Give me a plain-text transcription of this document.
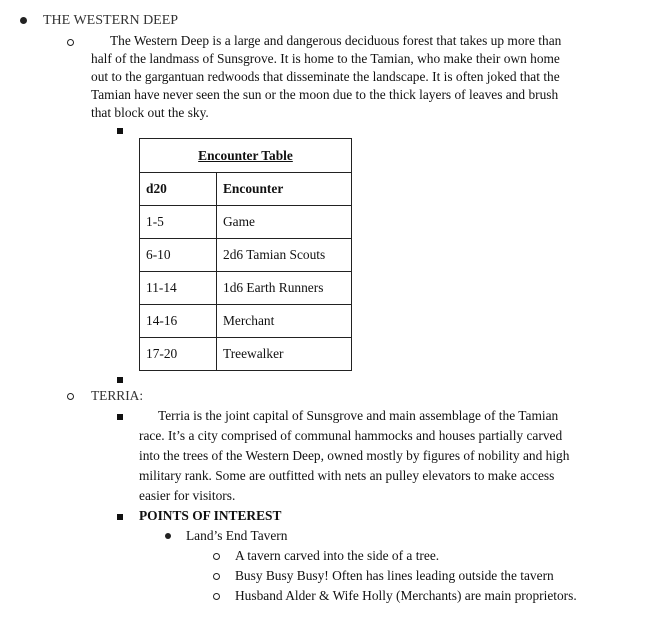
THE WESTERN DEEP
The Western Deep is a large and dangerous deciduous forest that takes up more than
half of the landmass of Sunsgrove. It is home to the Tamian, who make their own home
out to the gargantuan redwoods that disseminate the landscape. It is often joked that the
Tamian have never seen the sun or the moon due to the thick layers of leaves and brush
that block out the sky.
Encounter Table	
d20	Encounter
1-5	Game
6-10	2d6 Tamian Scouts
11-14	1d6 Earth Runners
14-16	Merchant
17-20	Treewalker
TERRIA:
Terria is the joint capital of Sunsgrove and main assemblage of the Tamian
race. It’s a city comprised of communal hammocks and houses partially carved
into the trees of the Western Deep, owned mostly by figures of nobility and high
military rank. Some are outfitted with nets an pulley elevators to make access
easier for visitors.
POINTS OF INTEREST
Land’s End Tavern
A tavern carved into the side of a tree.
Busy Busy Busy! Often has lines leading outside the tavern
Husband Alder & Wife Holly (Merchants) are main proprietors.
